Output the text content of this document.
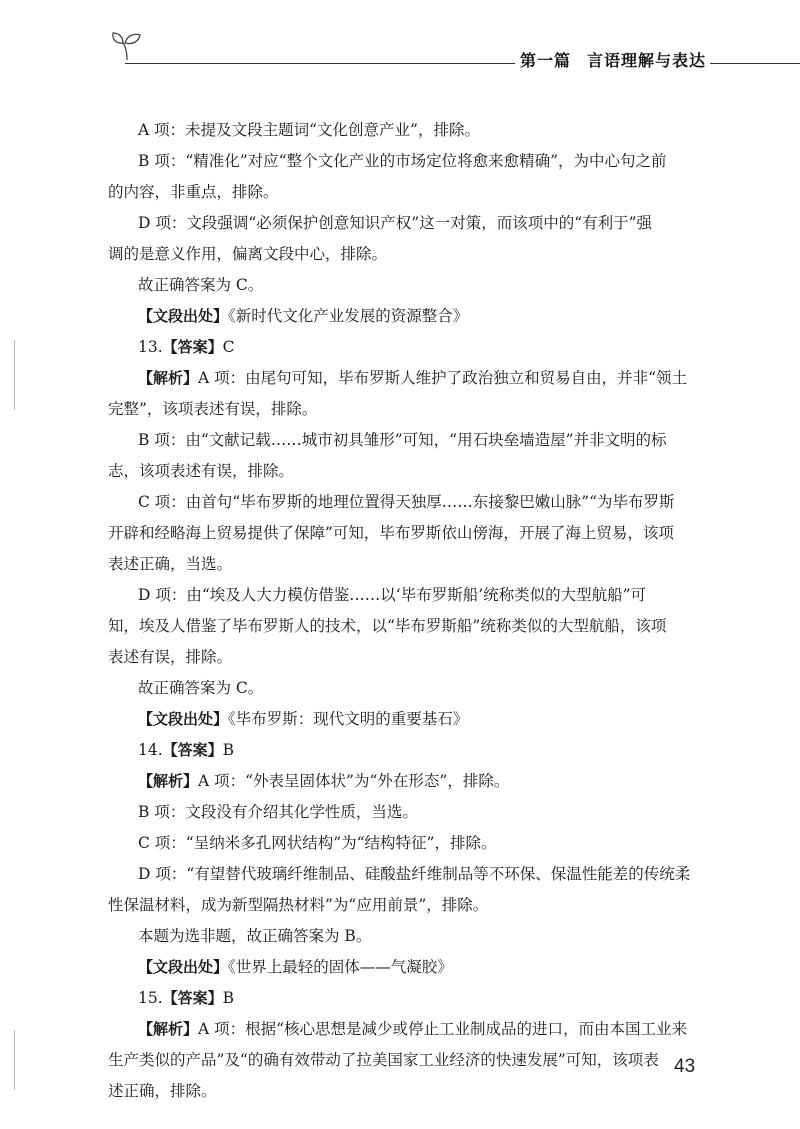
第一篇 言语理解与表达
A 项：未提及文段主题词“文化创意产业”，排除。
B 项：“精准化”对应“整个文化产业的市场定位将愈来愈精确”，为中心句之前
的内容，非重点，排除。
D 项：文段强调“必须保护创意知识产权”这一对策，而该项中的“有利于”强
调的是意义作用，偏离文段中心，排除。
故正确答案为 C。
【文段出处】《新时代文化产业发展的资源整合》
13.【答案】C
【解析】A 项：由尾句可知，毕布罗斯人维护了政治独立和贸易自由，并非“领土
完整”，该项表述有误，排除。
B 项：由“文献记载……城市初具雏形”可知，“用石块垒墙造屋”并非文明的标
志，该项表述有误，排除。
C 项：由首句“毕布罗斯的地理位置得天独厚……东接黎巴嫩山脉”“为毕布罗斯
开辟和经略海上贸易提供了保障”可知，毕布罗斯依山傍海，开展了海上贸易，该项
表述正确，当选。
D 项：由“埃及人大力模仿借鉴……以‘毕布罗斯船’统称类似的大型航船”可
知，埃及人借鉴了毕布罗斯人的技术，以“毕布罗斯船”统称类似的大型航船，该项
表述有误，排除。
故正确答案为 C。
【文段出处】《毕布罗斯：现代文明的重要基石》
14.【答案】B
【解析】A 项：“外表呈固体状”为“外在形态”，排除。
B 项：文段没有介绍其化学性质，当选。
C 项：“呈纳米多孔网状结构”为“结构特征”，排除。
D 项：“有望替代玻璃纤维制品、硅酸盐纤维制品等不环保、保温性能差的传统柔
性保温材料，成为新型隔热材料”为“应用前景”，排除。
本题为选非题，故正确答案为 B。
【文段出处】《世界上最轻的固体——气凝胶》
15.【答案】B
【解析】A 项：根据“核心思想是减少或停止工业制成品的进口，而由本国工业来
生产类似的产品”及“的确有效带动了拉美国家工业经济的快速发展”可知，该项表
述正确，排除。
43
